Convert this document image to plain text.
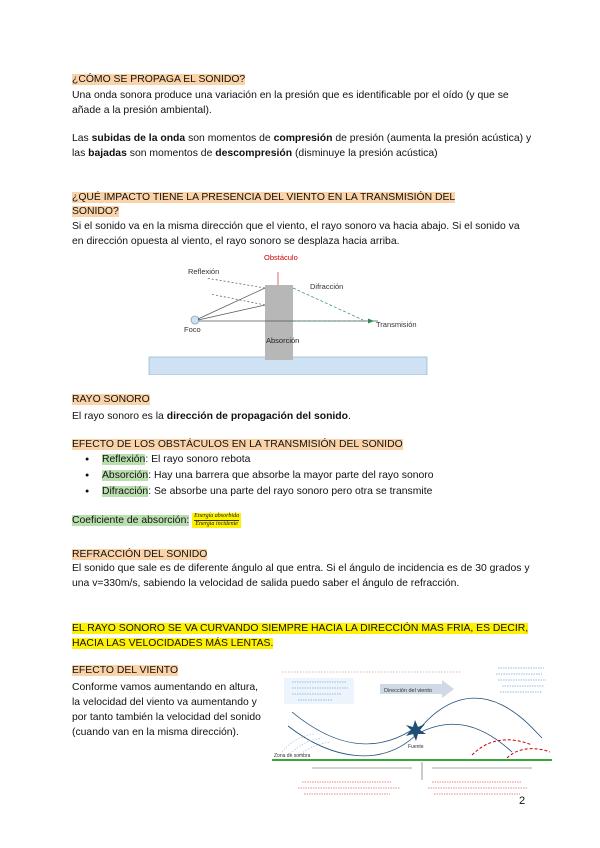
¿CÓMO SE PROPAGA EL SONIDO?

Una onda sonora produce una variación en la presión que es identificable por el oído (y que se añade a la presión ambiental).

Las subidas de la onda son momentos de compresión de presión (aumenta la presión acústica) y las bajadas son momentos de descompresión (disminuye la presión acústica)

¿QUÉ IMPACTO TIENE LA PRESENCIA DEL VIENTO EN LA TRANSMISIÓN DEL SONIDO?

Si el sonido va en la misma dirección que el viento, el rayo sonoro va hacia abajo. Si el sonido va en dirección opuesta al viento, el rayo sonoro se desplaza hacia arriba.

Obstáculo
Reflexión
Difracción
Transmisión
Foco
Absorción
RAYO SONORO

El rayo sonoro es la dirección de propagación del sonido.

EFECTO DE LOS OBSTÁCULOS EN LA TRANSMISIÓN DEL SONIDO
● Reflexión: El rayo sonoro rebota
● Absorción: Hay una barrera que absorbe la mayor parte del rayo sonoro
● Difracción: Se absorbe una parte del rayo sonoro pero otra se transmite
Coeficiente de absorción: $\frac{\text{Energía absorbida}}{\text{Energía incidente}}$
REFRACCIÓN DEL SONIDO

El sonido que sale es de diferente ángulo al que entra. Si el ángulo de incidencia es de 30 grados y una v=330m/s, sabiendo la velocidad de salida puedo saber el ángulo de refracción.

EL RAYO SONORO SE VA CURVANDO SIEMPRE HACIA LA DIRECCIÓN MAS FRIA, ES DECIR, HACIA LAS VELOCIDADES MÁS LENTAS.
EFECTO DEL VIENTO

Conforme vamos aumentando en altura, la velocidad del viento va aumentando y por tanto también la velocidad del sonido (cuando van en la misma dirección).

Dirección del viento
Fuente
Zona de sombra
2
